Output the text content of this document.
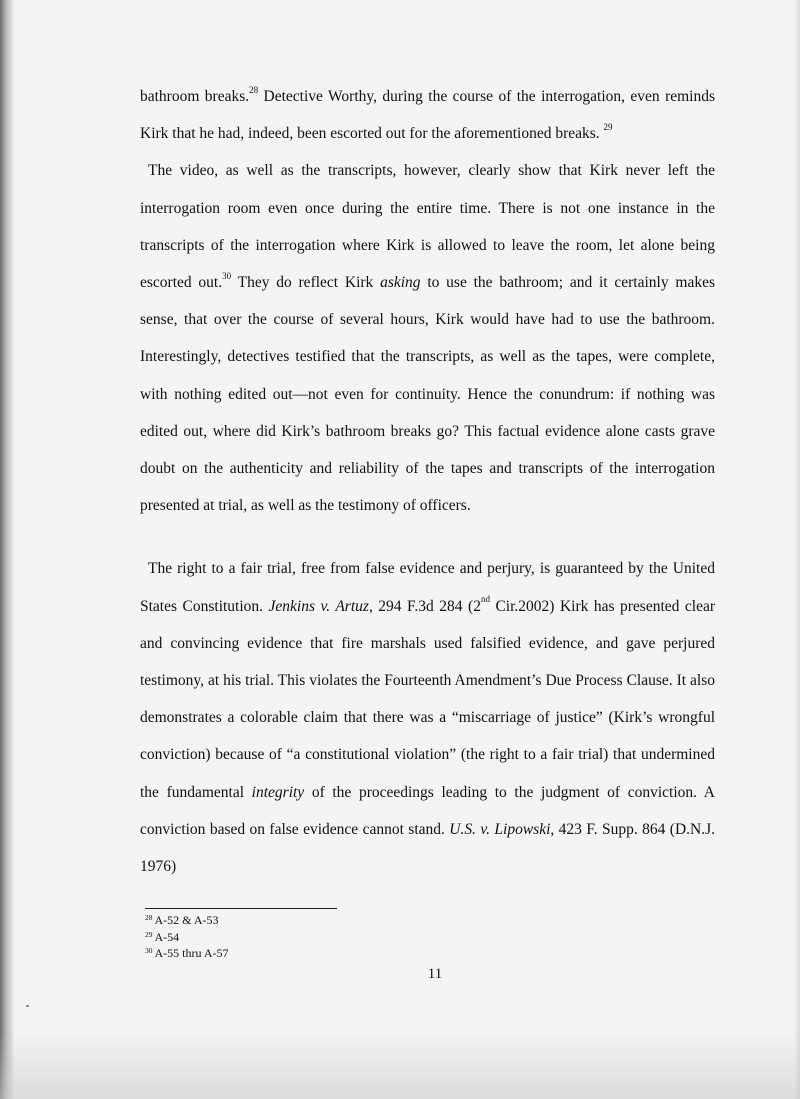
bathroom breaks.$^{28}$ Detective Worthy, during the course of the interrogation, even reminds Kirk that he had, indeed, been escorted out for the aforementioned breaks. $^{29}$

The video, as well as the transcripts, however, clearly show that Kirk never left the interrogation room even once during the entire time. There is not one instance in the transcripts of the interrogation where Kirk is allowed to leave the room, let alone being escorted out.$^{30}$ They do reflect Kirk asking to use the bathroom; and it certainly makes sense, that over the course of several hours, Kirk would have had to use the bathroom. Interestingly, detectives testified that the transcripts, as well as the tapes, were complete, with nothing edited out—not even for continuity. Hence the conundrum: if nothing was edited out, where did Kirk’s bathroom breaks go? This factual evidence alone casts grave doubt on the authenticity and reliability of the tapes and transcripts of the interrogation presented at trial, as well as the testimony of officers.

The right to a fair trial, free from false evidence and perjury, is guaranteed by the United States Constitution. Jenkins v. Artuz, 294 F.3d 284 (2nd Cir.2002) Kirk has presented clear and convincing evidence that fire marshals used falsified evidence, and gave perjured testimony, at his trial. This violates the Fourteenth Amendment’s Due Process Clause. It also demonstrates a colorable claim that there was a “miscarriage of justice” (Kirk’s wrongful conviction) because of “a constitutional violation” (the right to a fair trial) that undermined the fundamental integrity of the proceedings leading to the judgment of conviction. A conviction based on false evidence cannot stand. U.S. v. Lipowski, 423 F. Supp. 864 (D.N.J. 1976)

$^{28}$ A-52 & A-53
$^{29}$ A-54
$^{30}$ A-55 thru A-57
11
